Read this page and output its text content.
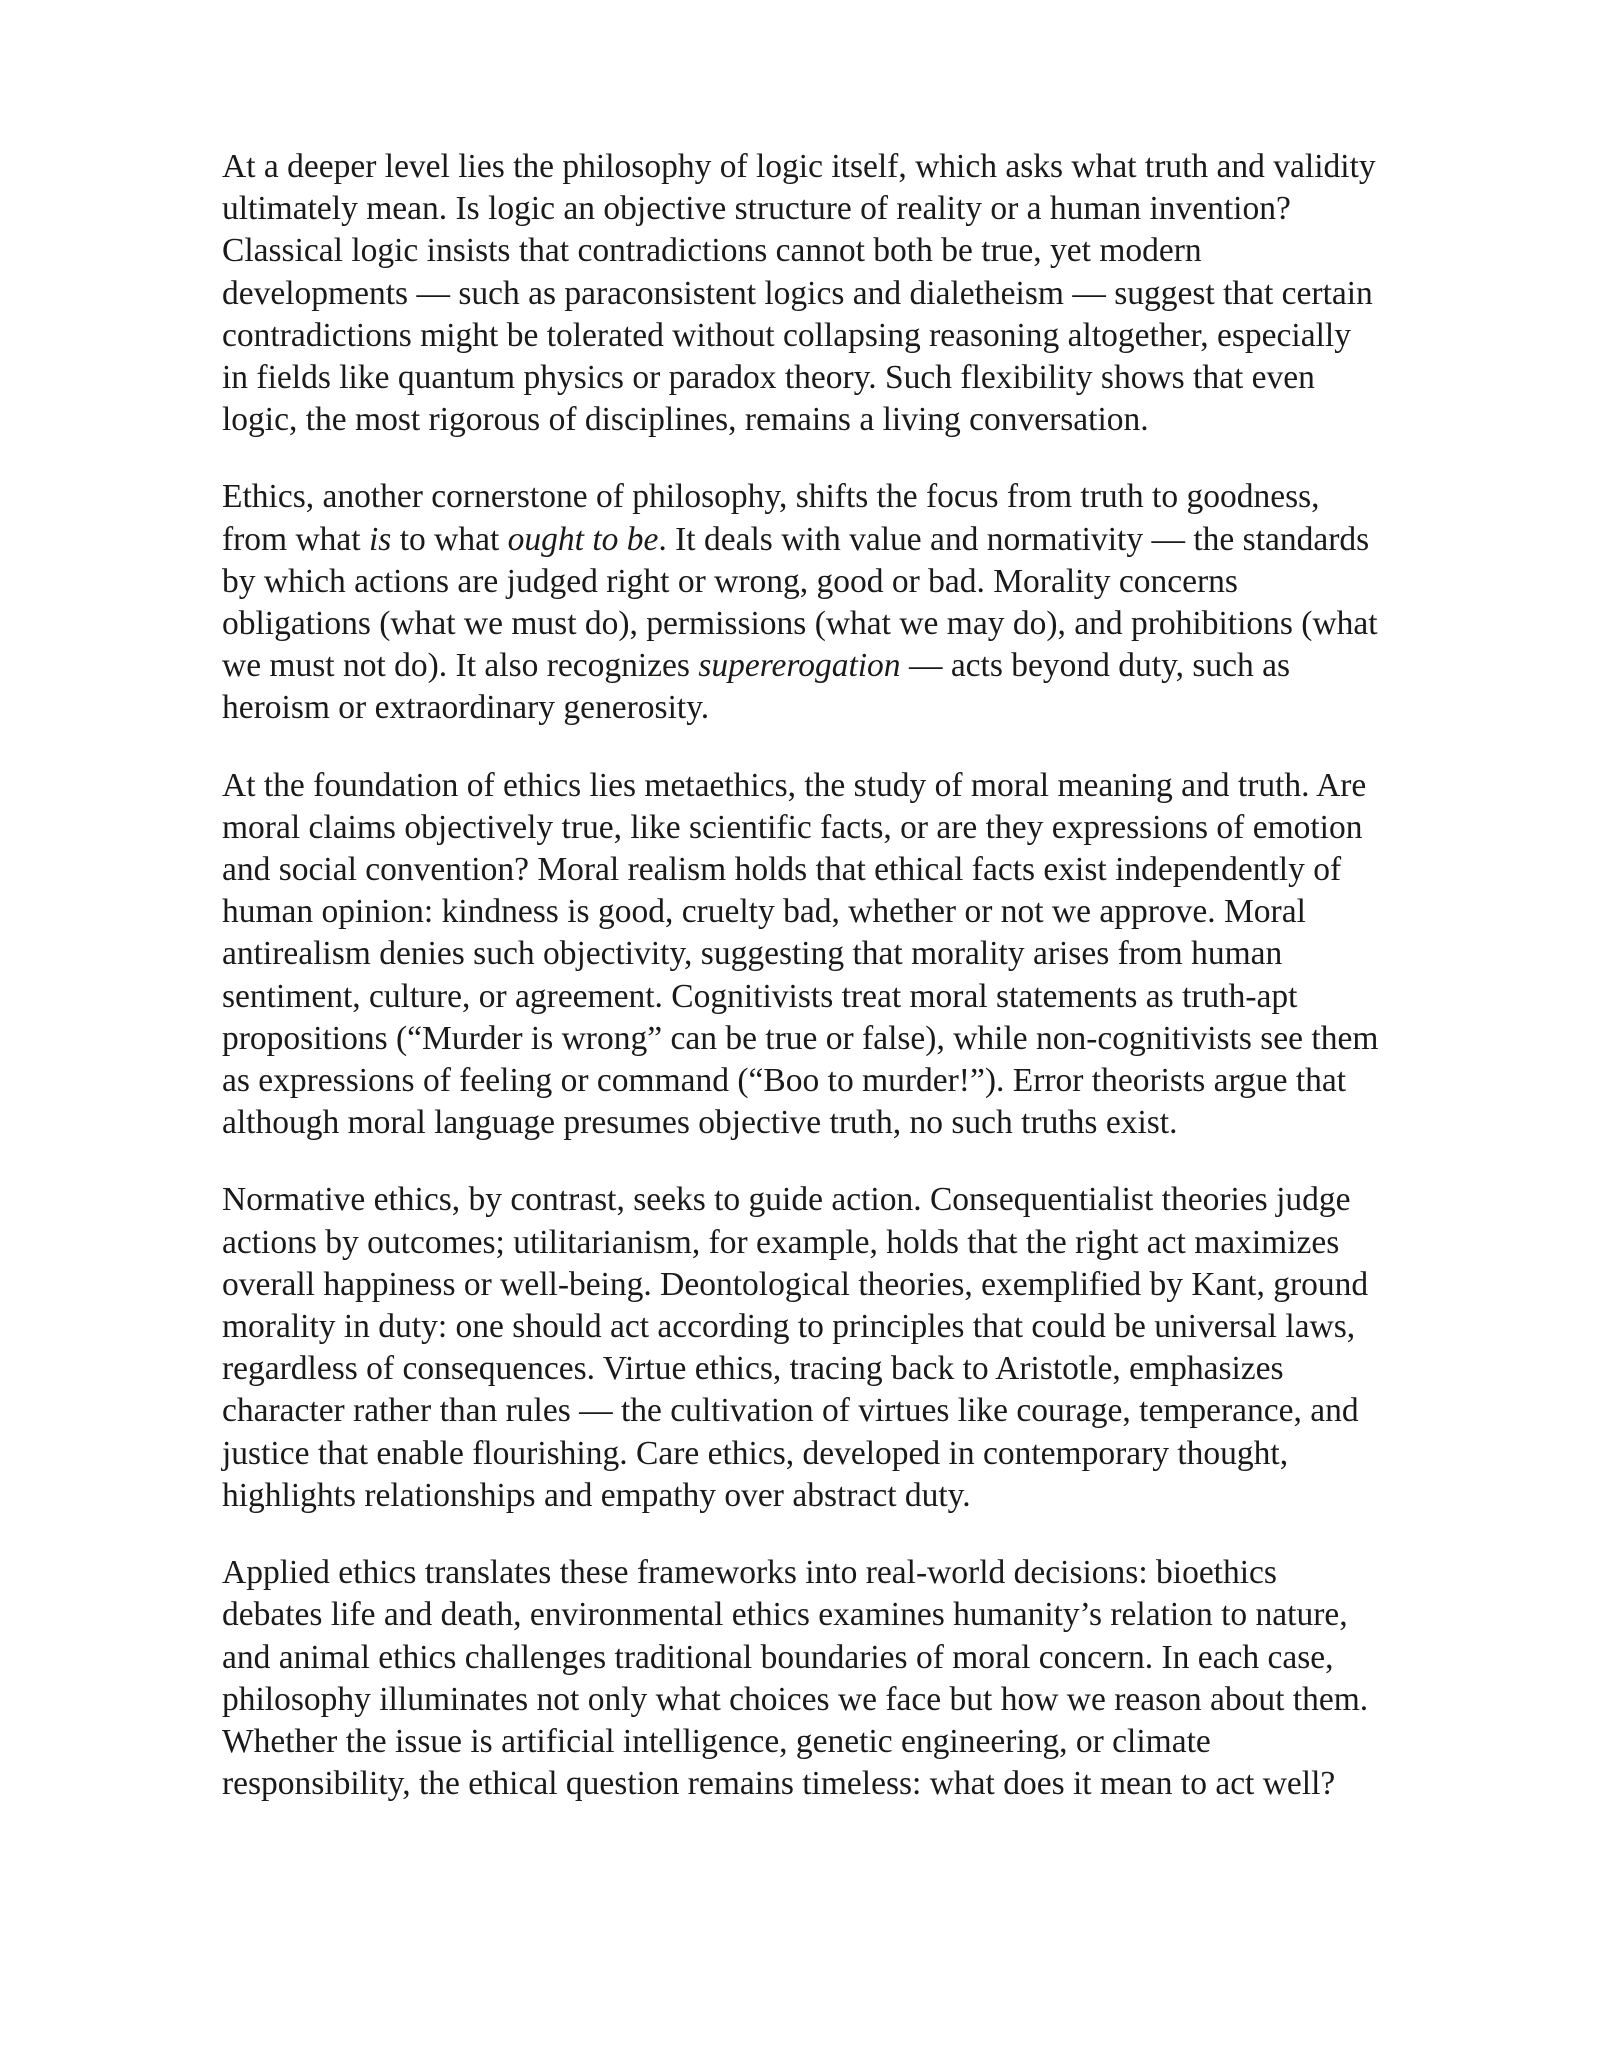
At a deeper level lies the philosophy of logic itself, which asks what truth and validity
ultimately mean. Is logic an objective structure of reality or a human invention?
Classical logic insists that contradictions cannot both be true, yet modern
developments — such as paraconsistent logics and dialetheism — suggest that certain
contradictions might be tolerated without collapsing reasoning altogether, especially
in fields like quantum physics or paradox theory. Such flexibility shows that even
logic, the most rigorous of disciplines, remains a living conversation.

Ethics, another cornerstone of philosophy, shifts the focus from truth to goodness,
from what is to what ought to be. It deals with value and normativity — the standards
by which actions are judged right or wrong, good or bad. Morality concerns
obligations (what we must do), permissions (what we may do), and prohibitions (what
we must not do). It also recognizes supererogation — acts beyond duty, such as
heroism or extraordinary generosity.

At the foundation of ethics lies metaethics, the study of moral meaning and truth. Are
moral claims objectively true, like scientific facts, or are they expressions of emotion
and social convention? Moral realism holds that ethical facts exist independently of
human opinion: kindness is good, cruelty bad, whether or not we approve. Moral
antirealism denies such objectivity, suggesting that morality arises from human
sentiment, culture, or agreement. Cognitivists treat moral statements as truth-apt
propositions (“Murder is wrong” can be true or false), while non-cognitivists see them
as expressions of feeling or command (“Boo to murder!”). Error theorists argue that
although moral language presumes objective truth, no such truths exist.

Normative ethics, by contrast, seeks to guide action. Consequentialist theories judge
actions by outcomes; utilitarianism, for example, holds that the right act maximizes
overall happiness or well-being. Deontological theories, exemplified by Kant, ground
morality in duty: one should act according to principles that could be universal laws,
regardless of consequences. Virtue ethics, tracing back to Aristotle, emphasizes
character rather than rules — the cultivation of virtues like courage, temperance, and
justice that enable flourishing. Care ethics, developed in contemporary thought,
highlights relationships and empathy over abstract duty.

Applied ethics translates these frameworks into real-world decisions: bioethics
debates life and death, environmental ethics examines humanity’s relation to nature,
and animal ethics challenges traditional boundaries of moral concern. In each case,
philosophy illuminates not only what choices we face but how we reason about them.
Whether the issue is artificial intelligence, genetic engineering, or climate
responsibility, the ethical question remains timeless: what does it mean to act well?
